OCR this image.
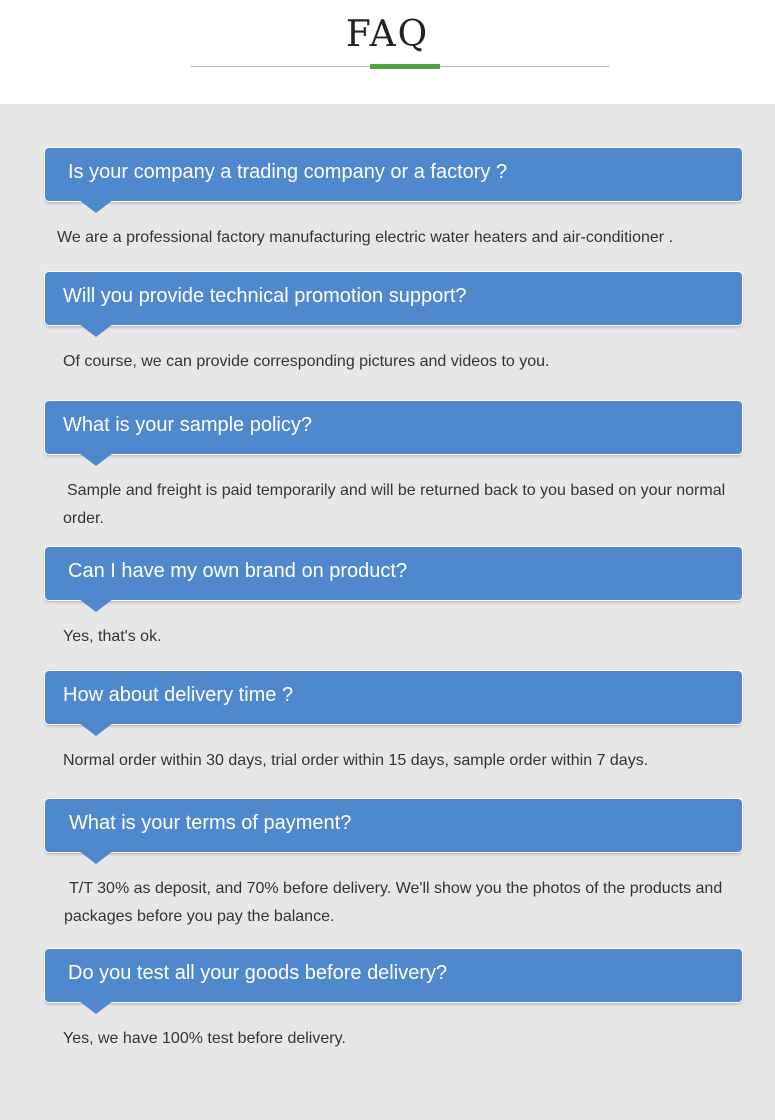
FAQ
Is your company a trading company or a factory ?
We are a professional factory manufacturing electric water heaters and air-conditioner .
Will you provide technical promotion support?
Of course, we can provide corresponding pictures and videos to you.
What is your sample policy?
Sample and freight is paid temporarily and will be returned back to you based on your normal order.
Can I have my own brand on product?
Yes, that's ok.
How about delivery time ?
Normal order within 30 days, trial order within 15 days, sample order within 7 days.
What is your terms of payment?
T/T 30% as deposit, and 70% before delivery. We'll show you the photos of the products and packages before you pay the balance.
Do you test all your goods before delivery?
Yes, we have 100% test before delivery.
